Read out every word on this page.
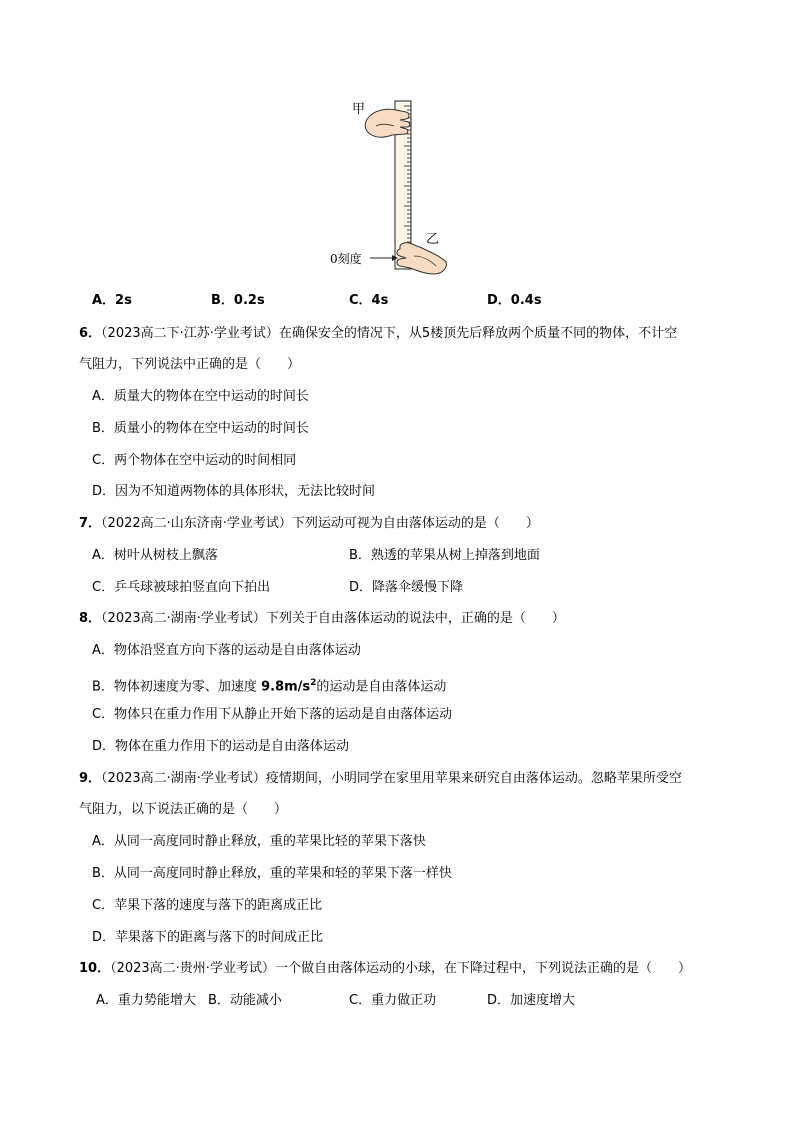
甲
乙
0刻度
A．2s	B．0.2s	C．4s	D．0.4s
6．（2023高二下·江苏·学业考试）在确保安全的情况下，从5楼顶先后释放两个质量不同的物体，不计空
气阻力，下列说法中正确的是（　　）
A．质量大的物体在空中运动的时间长
B．质量小的物体在空中运动的时间长
C．两个物体在空中运动的时间相同
D．因为不知道两物体的具体形状，无法比较时间
7．（2022高二·山东济南·学业考试）下列运动可视为自由落体运动的是（　　）
A．树叶从树枝上飘落	B．熟透的苹果从树上掉落到地面
C．乒乓球被球拍竖直向下拍出	D．降落伞缓慢下降
8．（2023高二·湖南·学业考试）下列关于自由落体运动的说法中，正确的是（　　）
A．物体沿竖直方向下落的运动是自由落体运动
B．物体初速度为零、加速度 $9.8m/s^2$的运动是自由落体运动
C．物体只在重力作用下从静止开始下落的运动是自由落体运动
D．物体在重力作用下的运动是自由落体运动
9．（2023高二·湖南·学业考试）疫情期间，小明同学在家里用苹果来研究自由落体运动。忽略苹果所受空
气阻力，以下说法正确的是（　　）
A．从同一高度同时静止释放，重的苹果比轻的苹果下落快
B．从同一高度同时静止释放，重的苹果和轻的苹果下落一样快
C．苹果下落的速度与落下的距离成正比
D．苹果落下的距离与落下的时间成正比
10．（2023高二·贵州·学业考试）一个做自由落体运动的小球，在下降过程中，下列说法正确的是（　　）
A．重力势能增大 B．动能减小	C．重力做正功	D．加速度增大
